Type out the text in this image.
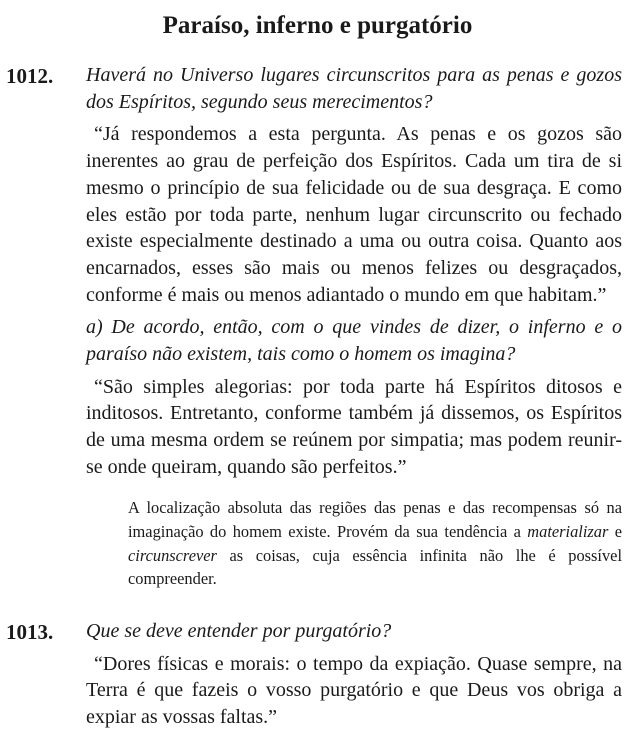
Paraíso, inferno e purgatório
1012. Haverá no Universo lugares circunscritos para as penas e gozos dos Espíritos, segundo seus merecimentos?

“Já respondemos a esta pergunta. As penas e os gozos são inerentes ao grau de perfeição dos Espíritos. Cada um tira de si mesmo o princípio de sua felicidade ou de sua desgraça. E como eles estão por toda parte, nenhum lugar circunscrito ou fechado existe especialmente destinado a uma ou outra coisa. Quanto aos encarnados, esses são mais ou menos felizes ou desgraçados, conforme é mais ou menos adiantado o mundo em que habitam.”

a) De acordo, então, com o que vindes de dizer, o inferno e o paraíso não existem, tais como o homem os imagina?

“São simples alegorias: por toda parte há Espíritos ditosos e inditosos. Entretanto, conforme também já dissemos, os Espíritos de uma mesma ordem se reúnem por simpatia; mas podem reunir-se onde queiram, quando são perfeitos.”

A localização absoluta das regiões das penas e das recompensas só na imaginação do homem existe. Provém da sua tendência a materializar e circunscrever as coisas, cuja essência infinita não lhe é possível compreender.

1013. Que se deve entender por purgatório?

“Dores físicas e morais: o tempo da expiação. Quase sempre, na Terra é que fazeis o vosso purgatório e que Deus vos obriga a expiar as vossas faltas.”
